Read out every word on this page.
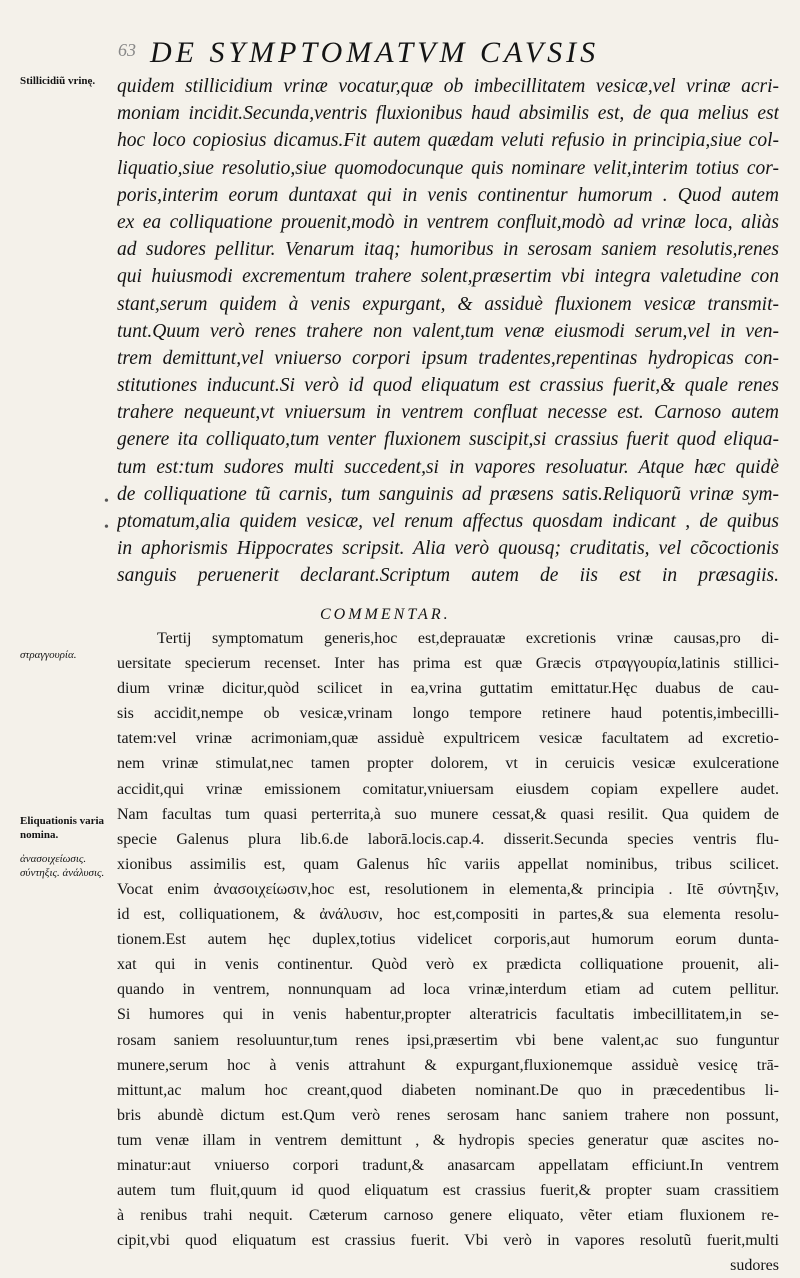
63 DE SYMPTOMATVM CAVSIS
Stillicidiũ vrinę.
στραγγουρία.
Eliquationis varia nomina.
ἀνασοιχείωσις. σύντηξις. ἀνάλυσις.
•
•
quidem stillicidium vrinæ vocatur,quæ ob imbecillitatem vesicæ,vel vrinæ acri-
moniam incidit.Secunda,ventris fluxionibus haud absimilis est, de qua melius est
hoc loco copiosius dicamus.Fit autem quædam veluti refusio in principia,siue col-
liquatio,siue resolutio,siue quomodocunque quis nominare velit,interim totius cor-
poris,interim eorum duntaxat qui in venis continentur humorum . Quod autem
ex ea colliquatione prouenit,modò in ventrem confluit,modò ad vrinæ loca, aliàs
ad sudores pellitur. Venarum itaq; humoribus in serosam saniem resolutis,renes
qui huiusmodi excrementum trahere solent,præsertim vbi integra valetudine con
stant,serum quidem à venis expurgant, & assiduè fluxionem vesicæ transmit-
tunt.Quum verò renes trahere non valent,tum venæ eiusmodi serum,vel in ven-
trem demittunt,vel vniuerso corpori ipsum tradentes,repentinas hydropicas con-
stitutiones inducunt.Si verò id quod eliquatum est crassius fuerit,& quale renes
trahere nequeunt,vt vniuersum in ventrem confluat necesse est. Carnoso autem
genere ita colliquato,tum venter fluxionem suscipit,si crassius fuerit quod eliqua-
tum est:tum sudores multi succedent,si in vapores resoluatur. Atque hæc quidè
de colliquatione tũ carnis, tum sanguinis ad præsens satis.Reliquorũ vrinæ sym-
ptomatum,alia quidem vesicæ, vel renum affectus quosdam indicant , de quibus
in aphorismis Hippocrates scripsit. Alia verò quousq; cruditatis, vel cõcoctionis
sanguis peruenerit declarant.Scriptum autem de iis est in præsagiis.
COMMENTAR.
Tertij symptomatum generis,hoc est,deprauatæ excretionis vrinæ causas,pro di-
uersitate specierum recenset. Inter has prima est quæ Græcis στραγγουρία,latinis stillici-
dium vrinæ dicitur,quòd scilicet in ea,vrina guttatim emittatur.Hęc duabus de cau-
sis accidit,nempe ob vesicæ,vrinam longo tempore retinere haud potentis,imbecilli-
tatem:vel vrinæ acrimoniam,quæ assiduè expultricem vesicæ facultatem ad excretio-
nem vrinæ stimulat,nec tamen propter dolorem, vt in ceruicis vesicæ exulceratione
accidit,qui vrinæ emissionem comitatur,vniuersam eiusdem copiam expellere audet.
Nam facultas tum quasi perterrita,à suo munere cessat,& quasi resilit. Qua quidem de
specie Galenus plura lib.6.de laborā.locis.cap.4. disserit.Secunda species ventris flu-
xionibus assimilis est, quam Galenus hîc variis appellat nominibus, tribus scilicet.
Vocat enim ἀνασοιχείωσιν,hoc est, resolutionem in elementa,& principia . Itē σύντηξιν,
id est, colliquationem, & ἀνάλυσιν, hoc est,compositi in partes,& sua elementa resolu-
tionem.Est autem hęc duplex,totius videlicet corporis,aut humorum eorum dunta-
xat qui in venis continentur. Quòd verò ex prædicta colliquatione prouenit, ali-
quando in ventrem, nonnunquam ad loca vrinæ,interdum etiam ad cutem pellitur.
Si humores qui in venis habentur,propter alteratricis facultatis imbecillitatem,in se-
rosam saniem resoluuntur,tum renes ipsi,præsertim vbi bene valent,ac suo funguntur
munere,serum hoc à venis attrahunt & expurgant,fluxionemque assiduè vesicę trā-
mittunt,ac malum hoc creant,quod diabeten nominant.De quo in præcedentibus li-
bris abundè dictum est.Qum verò renes serosam hanc saniem trahere non possunt,
tum venæ illam in ventrem demittunt , & hydropis species generatur quæ ascites no-
minatur:aut vniuerso corpori tradunt,& anasarcam appellatam efficiunt.In ventrem
autem tum fluit,quum id quod eliquatum est crassius fuerit,& propter suam crassitiem
à renibus trahi nequit. Cæterum carnoso genere eliquato, vẽter etiam fluxionem re-
cipit,vbi quod eliquatum est crassius fuerit. Vbi verò in vapores resolutũ fuerit,multi
sudores
